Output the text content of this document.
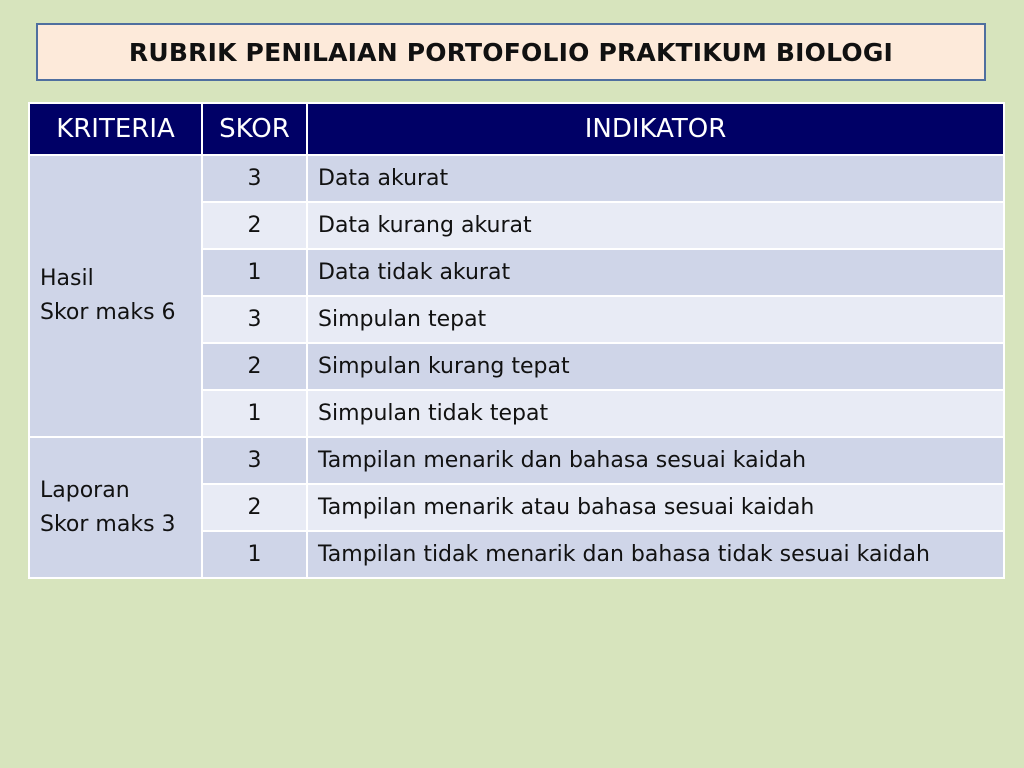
RUBRIK PENILAIAN PORTOFOLIO PRAKTIKUM BIOLOGI
KRITERIA	SKOR	INDIKATOR

Hasil
Skor maks 6	3	Data akurat
	2	Data kurang akurat
	1	Data tidak akurat
	3	Simpulan tepat
	2	Simpulan kurang tepat
	1	Simpulan tidak tepat

Laporan
Skor maks 3	3	Tampilan menarik dan bahasa sesuai kaidah
	2	Tampilan menarik atau bahasa sesuai kaidah
	1	Tampilan tidak menarik dan bahasa tidak sesuai kaidah
